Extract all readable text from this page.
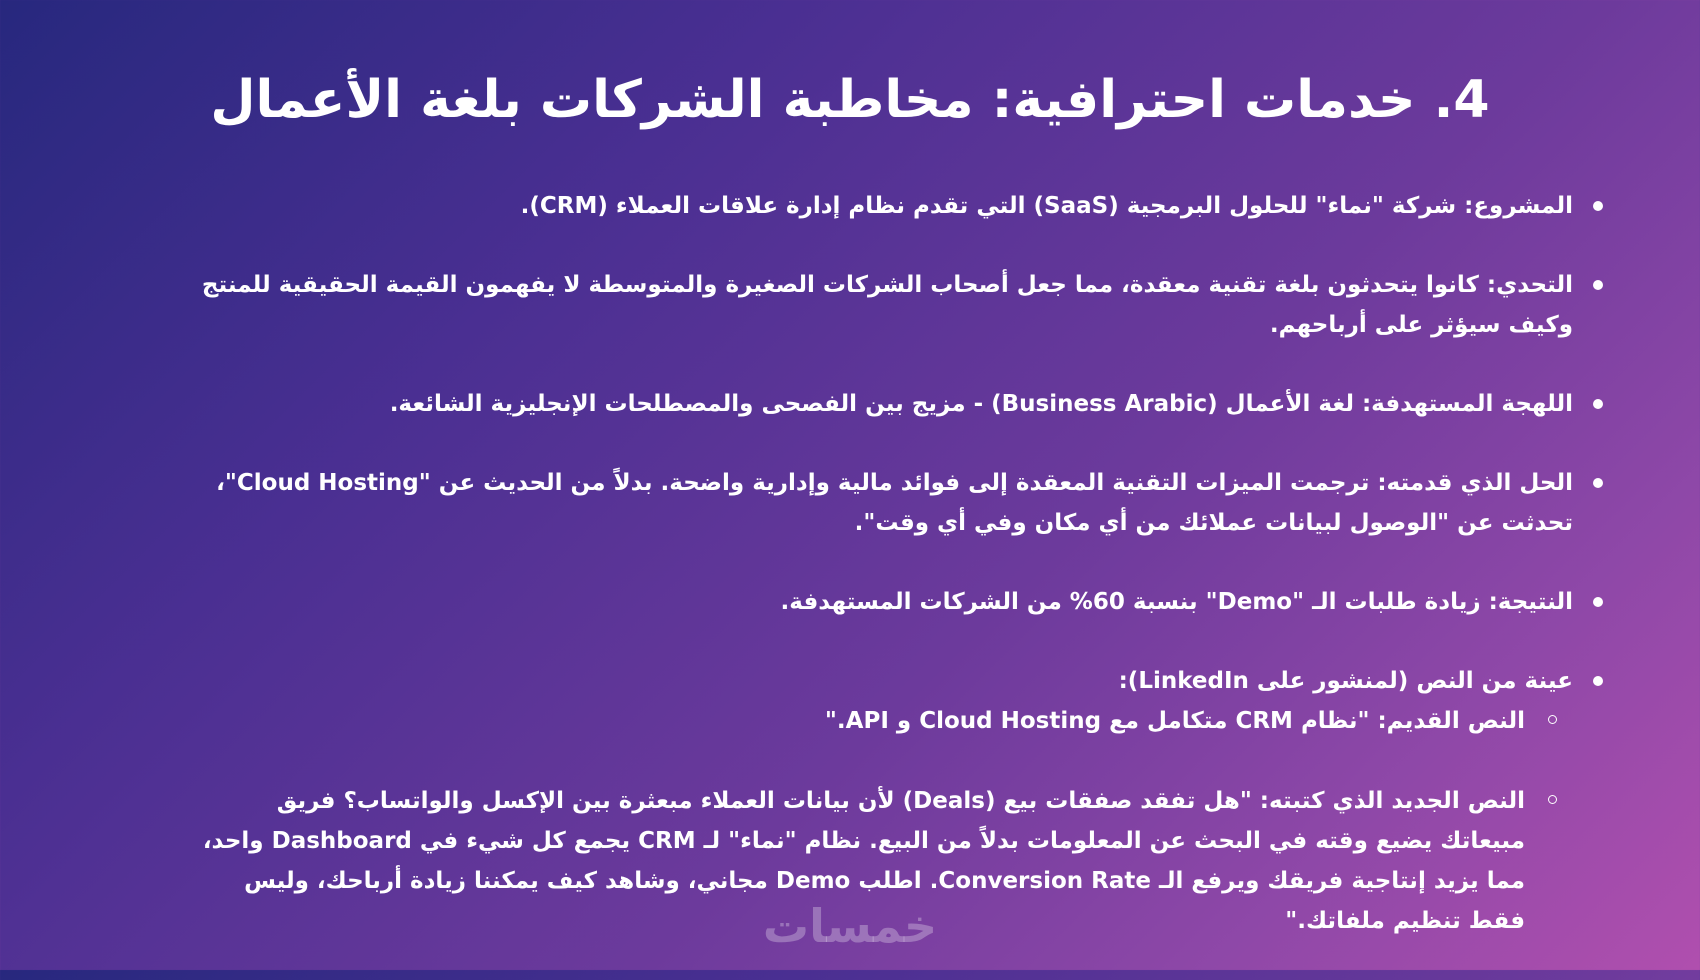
4. خدمات احترافية: مخاطبة الشركات بلغة الأعمال
المشروع: شركة "نماء" للحلول البرمجية (SaaS) التي تقدم نظام إدارة علاقات العملاء (CRM).
التحدي: كانوا يتحدثون بلغة تقنية معقدة، مما جعل أصحاب الشركات الصغيرة والمتوسطة لا يفهمون القيمة الحقيقية للمنتج وكيف سيؤثر على أرباحهم.
اللهجة المستهدفة: لغة الأعمال (Business Arabic) - مزيج بين الفصحى والمصطلحات الإنجليزية الشائعة.
الحل الذي قدمته: ترجمت الميزات التقنية المعقدة إلى فوائد مالية وإدارية واضحة. بدلاً من الحديث عن "Cloud Hosting"، تحدثت عن "الوصول لبيانات عملائك من أي مكان وفي أي وقت".
النتيجة: زيادة طلبات الـ "Demo" بنسبة 60% من الشركات المستهدفة.
عينة من النص (لمنشور على LinkedIn):
النص القديم: "نظام CRM متكامل مع Cloud Hosting و API."
النص الجديد الذي كتبته: "هل تفقد صفقات بيع (Deals) لأن بيانات العملاء مبعثرة بين الإكسل والواتساب؟ فريق مبيعاتك يضيع وقته في البحث عن المعلومات بدلاً من البيع. نظام "نماء" لـ CRM يجمع كل شيء في Dashboard واحد، مما يزيد إنتاجية فريقك ويرفع الـ Conversion Rate. اطلب Demo مجاني، وشاهد كيف يمكننا زيادة أرباحك، وليس فقط تنظيم ملفاتك."
خمسات
